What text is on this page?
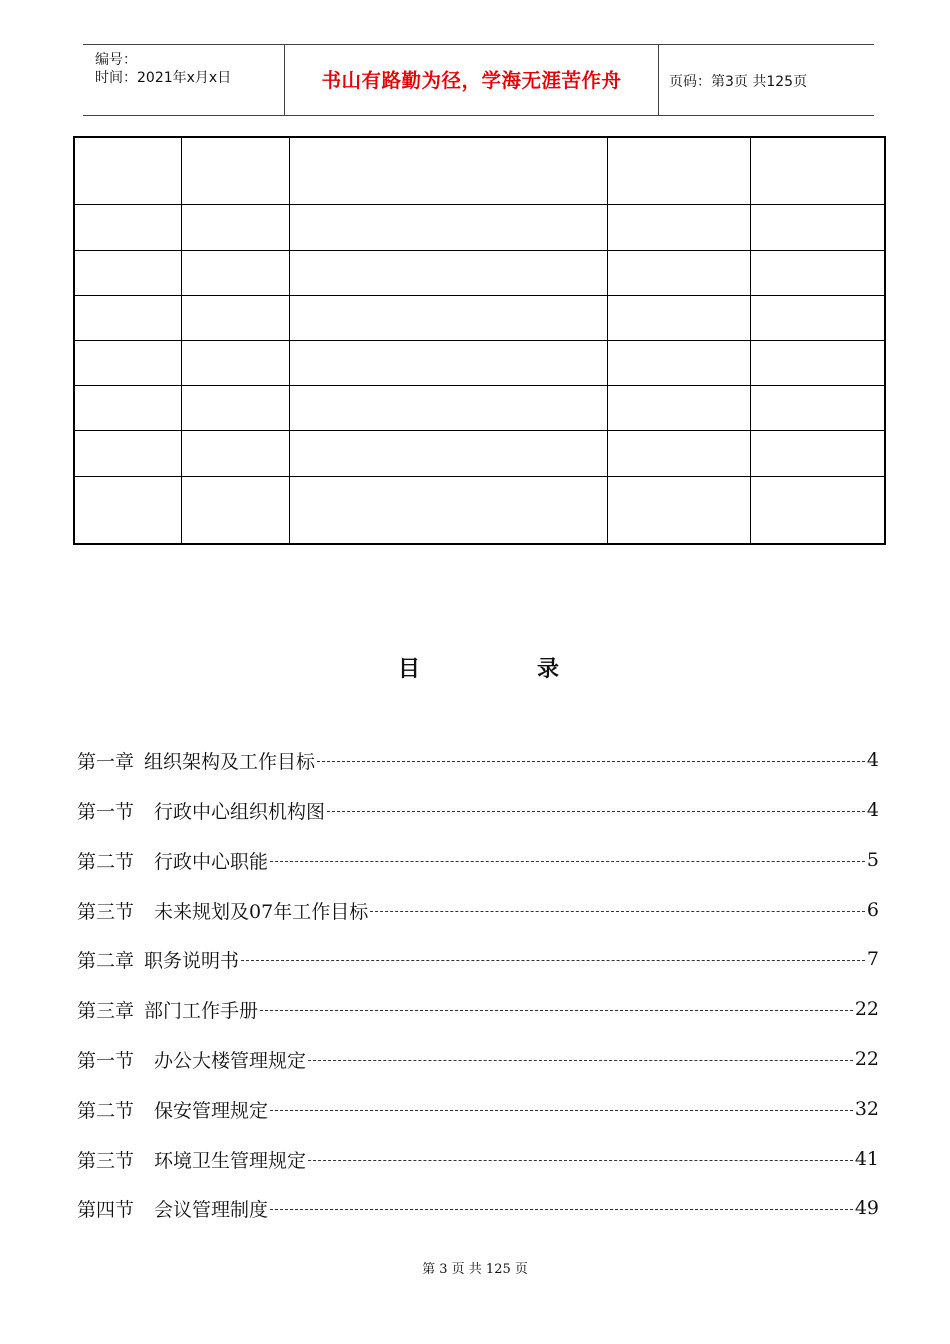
编号：
时间：2021年x月x日	书山有路勤为径，学海无涯苦作舟	页码：第3页 共125页

目	录
第一章 组织架构及工作目标	4
第一节 行政中心组织机构图	4
第二节 行政中心职能	5
第三节 未来规划及07年工作目标	6
第二章 职务说明书	7
第三章 部门工作手册	22
第一节 办公大楼管理规定	22
第二节 保安管理规定	32
第三节 环境卫生管理规定	41
第四节 会议管理制度	49
第 3 页 共 125 页
